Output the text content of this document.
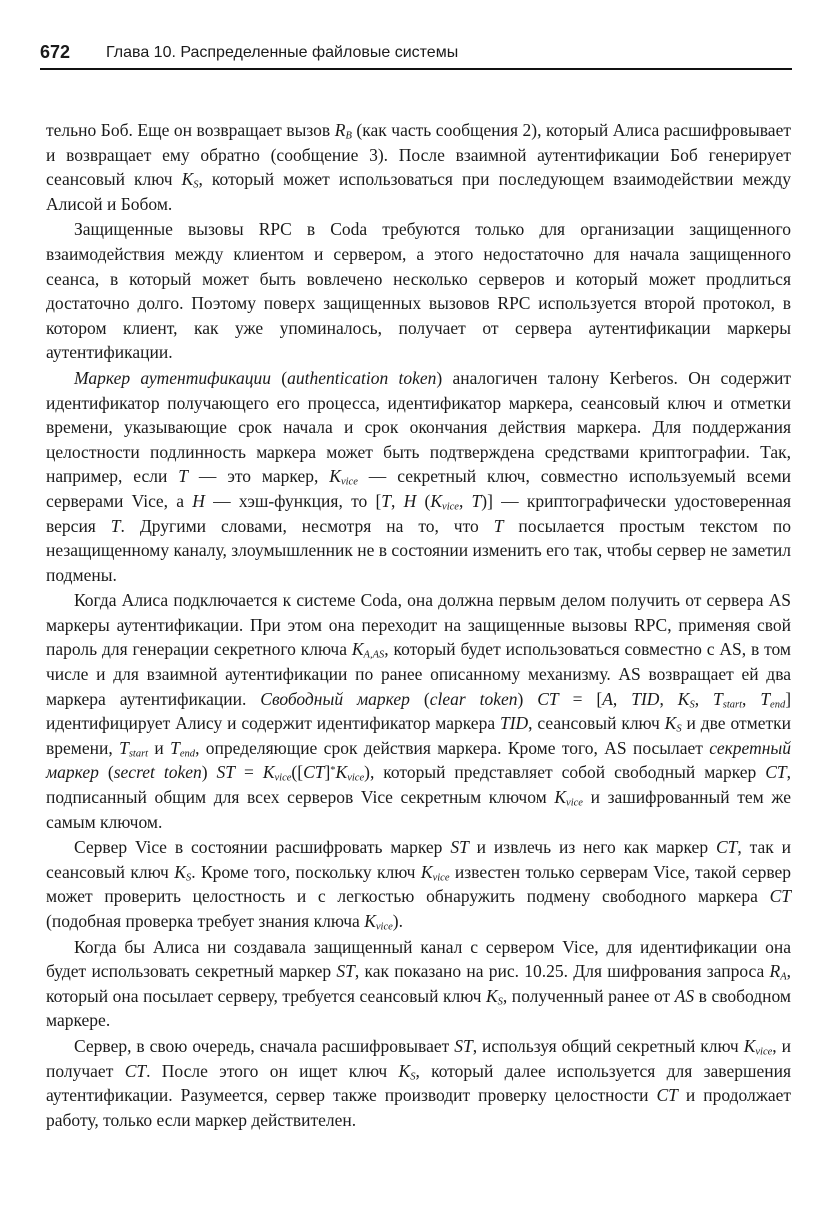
672 Глава 10. Распределенные файловые системы

тельно Боб. Еще он возвращает вызов $R_B$ (как часть сообщения 2), который Алиса расшифровывает и возвращает ему обратно (сообщение 3). После взаимной аутентификации Боб генерирует сеансовый ключ $K_S$, который может использоваться при последующем взаимодействии между Алисой и Бобом.

Защищенные вызовы RPC в Coda требуются только для организации защищенного взаимодействия между клиентом и сервером, а этого недостаточно для начала защищенного сеанса, в который может быть вовлечено несколько серверов и который может продлиться достаточно долго. Поэтому поверх защищенных вызовов RPC используется второй протокол, в котором клиент, как уже упоминалось, получает от сервера аутентификации маркеры аутентификации.

Маркер аутентификации (authentication token) аналогичен талону Kerberos. Он содержит идентификатор получающего его процесса, идентификатор маркера, сеансовый ключ и отметки времени, указывающие срок начала и срок окончания действия маркера. Для поддержания целостности подлинность маркера может быть подтверждена средствами криптографии. Так, например, если T — это маркер, $K_{vice}$ — секретный ключ, совместно используемый всеми серверами Vice, а H — хэш-функция, то [T, H ($K_{vice}$, T)] — криптографически удостоверенная версия T. Другими словами, несмотря на то, что T посылается простым текстом по незащищенному каналу, злоумышленник не в состоянии изменить его так, чтобы сервер не заметил подмены.

Когда Алиса подключается к системе Coda, она должна первым делом получить от сервера AS маркеры аутентификации. При этом она переходит на защищенные вызовы RPC, применяя свой пароль для генерации секретного ключа $K_{A,AS}$, который будет использоваться совместно с AS, в том числе и для взаимной аутентификации по ранее описанному механизму. AS возвращает ей два маркера аутентификации. Свободный маркер (clear token) CT = [A, TID, $K_S$, $T_{start}$, $T_{end}$] идентифицирует Алису и содержит идентификатор маркера TID, сеансовый ключ $K_S$ и две отметки времени, $T_{start}$ и $T_{end}$, определяющие срок действия маркера. Кроме того, AS посылает секретный маркер (secret token) ST = $K_{vice}([CT]^*K_{vice})$, который представляет собой свободный маркер CT, подписанный общим для всех серверов Vice секретным ключом $K_{vice}$ и зашифрованный тем же самым ключом.

Сервер Vice в состоянии расшифровать маркер ST и извлечь из него как маркер CT, так и сеансовый ключ $K_S$. Кроме того, поскольку ключ $K_{vice}$ известен только серверам Vice, такой сервер может проверить целостность и с легкостью обнаружить подмену свободного маркера CT (подобная проверка требует знания ключа $K_{vice}$).

Когда бы Алиса ни создавала защищенный канал с сервером Vice, для идентификации она будет использовать секретный маркер ST, как показано на рис. 10.25. Для шифрования запроса $R_A$, который она посылает серверу, требуется сеансовый ключ $K_S$, полученный ранее от AS в свободном маркере.

Сервер, в свою очередь, сначала расшифровывает ST, используя общий секретный ключ $K_{vice}$, и получает CT. После этого он ищет ключ $K_S$, который далее используется для завершения аутентификации. Разумеется, сервер также производит проверку целостности CT и продолжает работу, только если маркер действителен.
